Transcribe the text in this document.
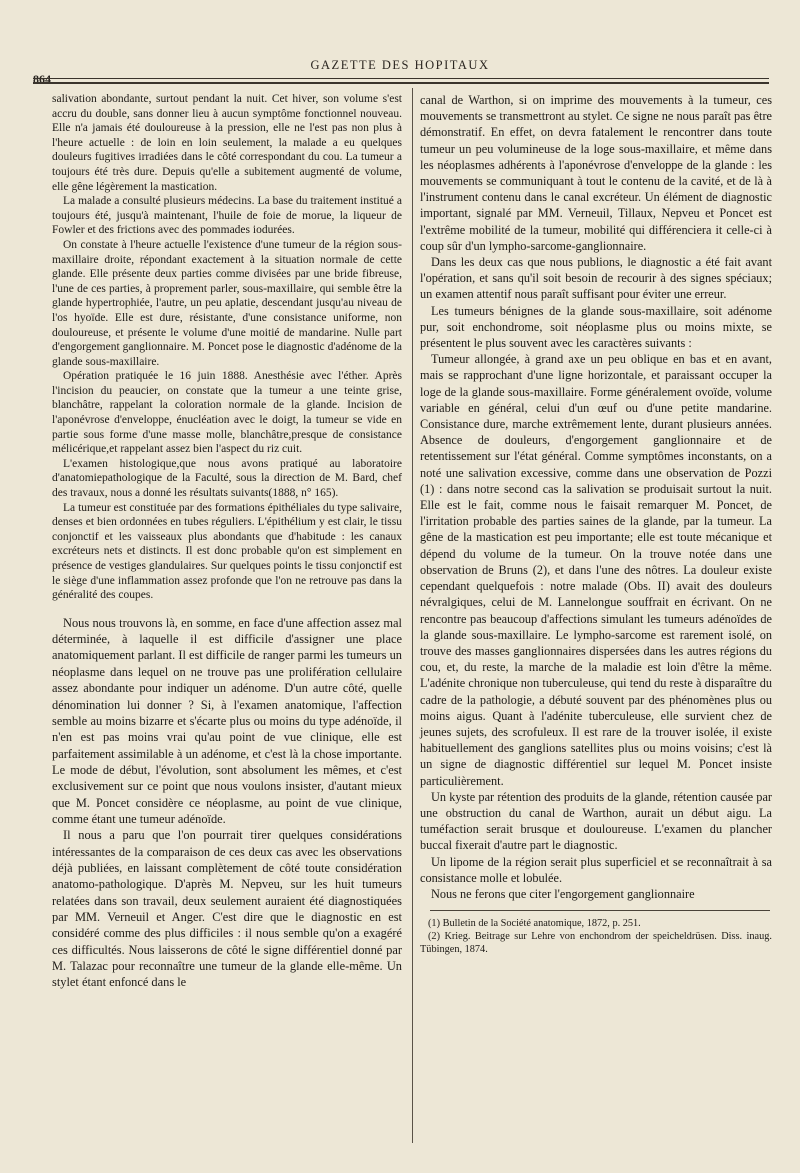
864
GAZETTE DES HOPITAUX

salivation abondante, surtout pendant la nuit. Cet hiver, son volume s'est accru du double, sans donner lieu à aucun symptôme fonctionnel nouveau. Elle n'a jamais été douloureuse à la pression, elle ne l'est pas non plus à l'heure actuelle : de loin en loin seulement, la malade a eu quelques douleurs fugitives irradiées dans le côté correspondant du cou. La tumeur a toujours été très dure. Depuis qu'elle a subitement augmenté de volume, elle gêne légèrement la mastication.

La malade a consulté plusieurs médecins. La base du traitement institué a toujours été, jusqu'à maintenant, l'huile de foie de morue, la liqueur de Fowler et des frictions avec des pommades iodurées.

On constate à l'heure actuelle l'existence d'une tumeur de la région sous-maxillaire droite, répondant exactement à la situation normale de cette glande. Elle présente deux parties comme divisées par une bride fibreuse, l'une de ces parties, à proprement parler, sous-maxillaire, qui semble être la glande hypertrophiée, l'autre, un peu aplatie, descendant jusqu'au niveau de l'os hyoïde. Elle est dure, résistante, d'une consistance uniforme, non douloureuse, et présente le volume d'une moitié de mandarine. Nulle part d'engorgement ganglionnaire. M. Poncet pose le diagnostic d'adénome de la glande sous-maxillaire.

Opération pratiquée le 16 juin 1888. Anesthésie avec l'éther. Après l'incision du peaucier, on constate que la tumeur a une teinte grise, blanchâtre, rappelant la coloration normale de la glande. Incision de l'aponévrose d'enveloppe, énucléation avec le doigt, la tumeur se vide en partie sous forme d'une masse molle, blanchâtre,presque de consistance mélicérique,et rappelant assez bien l'aspect du riz cuit.

L'examen histologique,que nous avons pratiqué au laboratoire d'anatomiepathologique de la Faculté, sous la direction de M. Bard, chef des travaux, nous a donné les résultats suivants(1888, n° 165).

La tumeur est constituée par des formations épithéliales du type salivaire, denses et bien ordonnées en tubes réguliers. L'épithélium y est clair, le tissu conjonctif et les vaisseaux plus abondants que d'habitude : les canaux excréteurs nets et distincts. Il est donc probable qu'on est simplement en présence de vestiges glandulaires. Sur quelques points le tissu conjonctif est le siège d'une inflammation assez profonde que l'on ne retrouve pas dans la généralité des coupes.

Nous nous trouvons là, en somme, en face d'une affection assez mal déterminée, à laquelle il est difficile d'assigner une place anatomiquement parlant. Il est difficile de ranger parmi les tumeurs un néoplasme dans lequel on ne trouve pas une prolifération cellulaire assez abondante pour indiquer un adénome. D'un autre côté, quelle dénomination lui donner ? Si, à l'examen anatomique, l'affection semble au moins bizarre et s'écarte plus ou moins du type adénoïde, il n'en est pas moins vrai qu'au point de vue clinique, elle est parfaitement assimilable à un adénome, et c'est là la chose importante. Le mode de début, l'évolution, sont absolument les mêmes, et c'est exclusivement sur ce point que nous voulons insister, d'autant mieux que M. Poncet considère ce néoplasme, au point de vue clinique, comme étant une tumeur adénoïde.

Il nous a paru que l'on pourrait tirer quelques considérations intéressantes de la comparaison de ces deux cas avec les observations déjà publiées, en laissant complètement de côté toute considération anatomo-pathologique. D'après M. Nepveu, sur les huit tumeurs relatées dans son travail, deux seulement auraient été diagnostiquées par MM. Verneuil et Anger. C'est dire que le diagnostic en est considéré comme des plus difficiles : il nous semble qu'on a exagéré ces difficultés. Nous laisserons de côté le signe différentiel donné par M. Talazac pour reconnaître une tumeur de la glande elle-même. Un stylet étant enfoncé dans le

canal de Warthon, si on imprime des mouvements à la tumeur, ces mouvements se transmettront au stylet. Ce signe ne nous paraît pas être démonstratif. En effet, on devra fatalement le rencontrer dans toute tumeur un peu volumineuse de la loge sous-maxillaire, et même dans les néoplasmes adhérents à l'aponévrose d'enveloppe de la glande : les mouvements se communiquant à tout le contenu de la cavité, et de là à l'instrument contenu dans le canal excréteur. Un élément de diagnostic important, signalé par MM. Verneuil, Tillaux, Nepveu et Poncet est l'extrême mobilité de la tumeur, mobilité qui différenciera it celle-ci à coup sûr d'un lympho-sarcome-ganglionnaire.

Dans les deux cas que nous publions, le diagnostic a été fait avant l'opération, et sans qu'il soit besoin de recourir à des signes spéciaux; un examen attentif nous paraît suffisant pour éviter une erreur.

Les tumeurs bénignes de la glande sous-maxillaire, soit adénome pur, soit enchondrome, soit néoplasme plus ou moins mixte, se présentent le plus souvent avec les caractères suivants :

Tumeur allongée, à grand axe un peu oblique en bas et en avant, mais se rapprochant d'une ligne horizontale, et paraissant occuper la loge de la glande sous-maxillaire. Forme généralement ovoïde, volume variable en général, celui d'un œuf ou d'une petite mandarine. Consistance dure, marche extrêmement lente, durant plusieurs années. Absence de douleurs, d'engorgement ganglionnaire et de retentissement sur l'état général. Comme symptômes inconstants, on a noté une salivation excessive, comme dans une observation de Pozzi (1) : dans notre second cas la salivation se produisait surtout la nuit. Elle est le fait, comme nous le faisait remarquer M. Poncet, de l'irritation probable des parties saines de la glande, par la tumeur. La gêne de la mastication est peu importante; elle est toute mécanique et dépend du volume de la tumeur. On la trouve notée dans une observation de Bruns (2), et dans l'une des nôtres. La douleur existe cependant quelquefois : notre malade (Obs. II) avait des douleurs névralgiques, celui de M. Lannelongue souffrait en écrivant. On ne rencontre pas beaucoup d'affections simulant les tumeurs adénoïdes de la glande sous-maxillaire. Le lympho-sarcome est rarement isolé, on trouve des masses ganglionnaires dispersées dans les autres régions du cou, et, du reste, la marche de la maladie est loin d'être la même. L'adénite chronique non tuberculeuse, qui tend du reste à disparaître du cadre de la pathologie, a débuté souvent par des phénomènes plus ou moins aigus. Quant à l'adénite tuberculeuse, elle survient chez de jeunes sujets, des scrofuleux. Il est rare de la trouver isolée, il existe habituellement des ganglions satellites plus ou moins voisins; c'est là un signe de diagnostic différentiel sur lequel M. Poncet insiste particulièrement.

Un kyste par rétention des produits de la glande, rétention causée par une obstruction du canal de Warthon, aurait un début aigu. La tuméfaction serait brusque et douloureuse. L'examen du plancher buccal fixerait d'autre part le diagnostic.

Un lipome de la région serait plus superficiel et se reconnaîtrait à sa consistance molle et lobulée.

Nous ne ferons que citer l'engorgement ganglionnaire

(1) Bulletin de la Société anatomique, 1872, p. 251.

(2) Krieg. Beitrage sur Lehre von enchondrom der speicheldrüsen. Diss. inaug. Tübingen, 1874.
